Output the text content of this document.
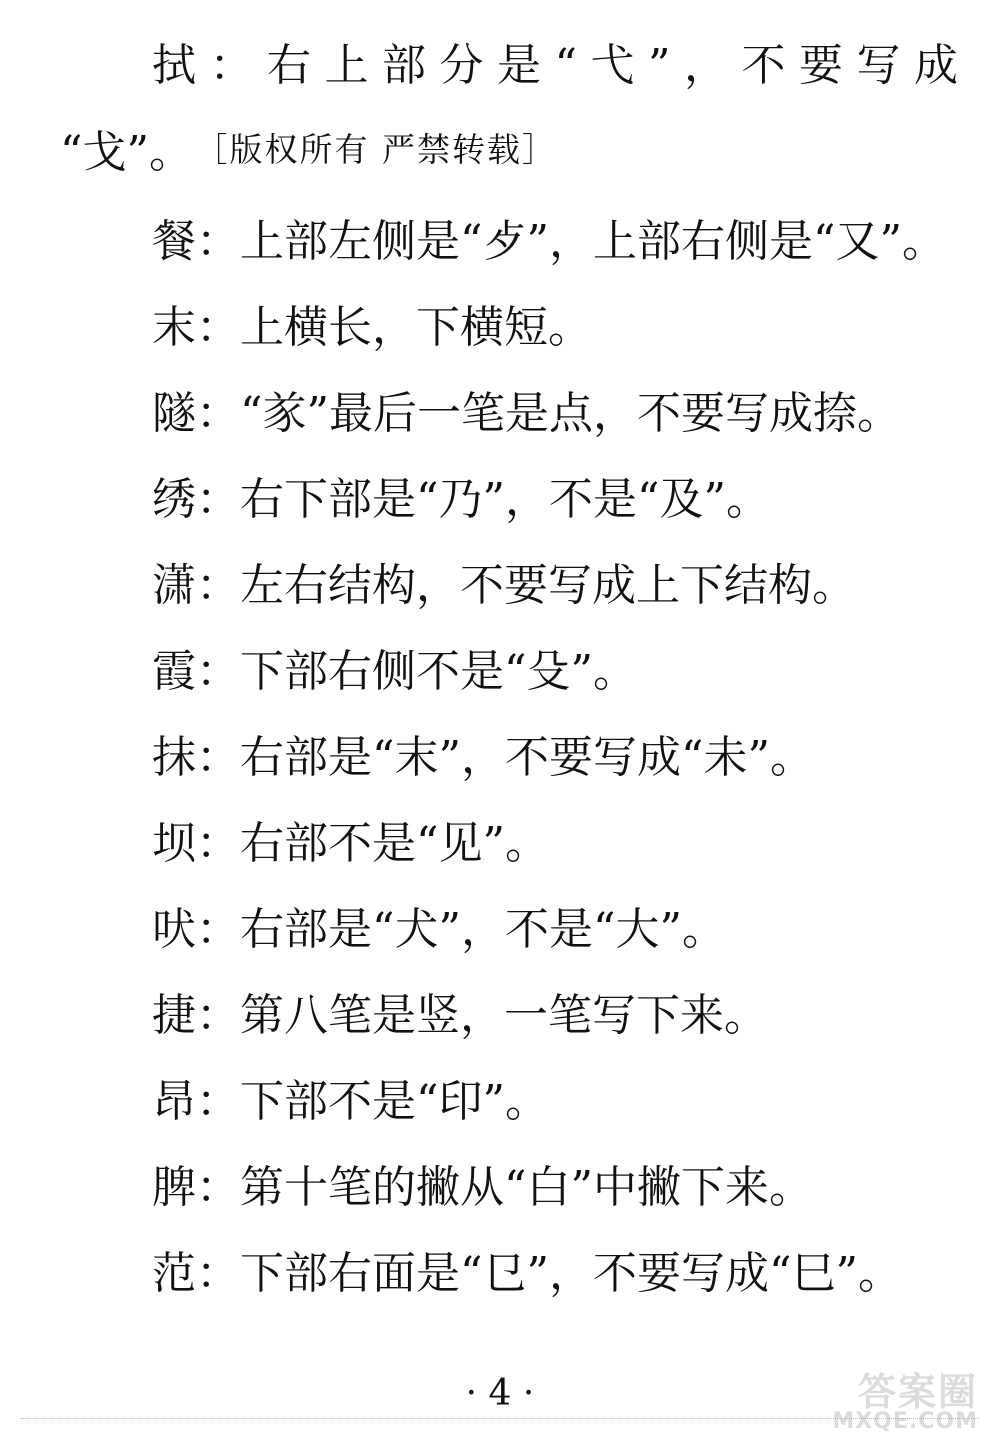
拭：右上部分是“弋”，不要写成
“戈”。 ［版权所有 严禁转载］
餐：上部左侧是“歺”，上部右侧是“又”。
末：上横长，下横短。
隧：“㒸”最后一笔是点，不要写成捺。
绣：右下部是“乃”，不是“及”。
潇：左右结构，不要写成上下结构。
霞：下部右侧不是“殳”。
抹：右部是“末”，不要写成“未”。
坝：右部不是“见”。
吠：右部是“犬”，不是“大”。
捷：第八笔是竖，一笔写下来。
昂：下部不是“印”。
脾：第十笔的撇从“白”中撇下来。
范：下部右面是“㔾”，不要写成“巳”。
· 4 ·	答案圈
MXQE.COM
